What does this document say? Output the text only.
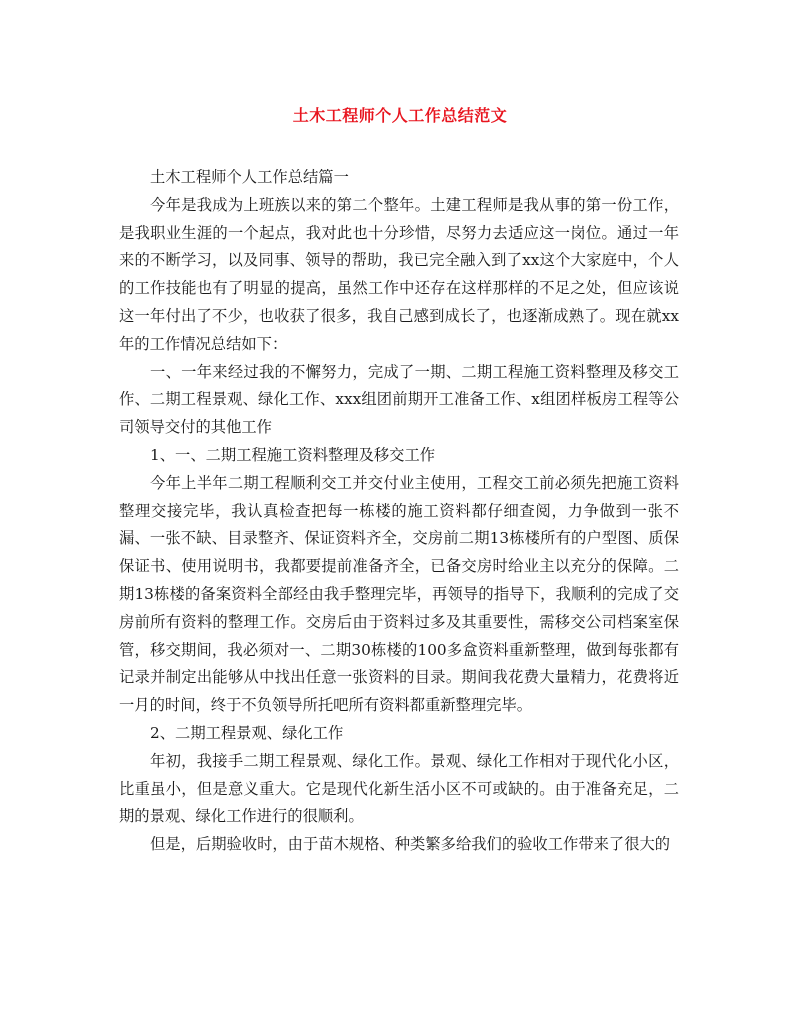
土木工程师个人工作总结范文

土木工程师个人工作总结篇一

今年是我成为上班族以来的第二个整年。土建工程师是我从事的第一份工作，是我职业生涯的一个起点，我对此也十分珍惜，尽努力去适应这一岗位。通过一年来的不断学习，以及同事、领导的帮助，我已完全融入到了xx这个大家庭中，个人的工作技能也有了明显的提高，虽然工作中还存在这样那样的不足之处，但应该说这一年付出了不少，也收获了很多，我自己感到成长了，也逐渐成熟了。现在就xx年的工作情况总结如下：

一、一年来经过我的不懈努力，完成了一期、二期工程施工资料整理及移交工作、二期工程景观、绿化工作、xxx组团前期开工准备工作、x组团样板房工程等公司领导交付的其他工作

1、一、二期工程施工资料整理及移交工作

今年上半年二期工程顺利交工并交付业主使用，工程交工前必须先把施工资料整理交接完毕，我认真检查把每一栋楼的施工资料都仔细查阅，力争做到一张不漏、一张不缺、目录整齐、保证资料齐全，交房前二期13栋楼所有的户型图、质保保证书、使用说明书，我都要提前准备齐全，已备交房时给业主以充分的保障。二期13栋楼的备案资料全部经由我手整理完毕，再领导的指导下，我顺利的完成了交房前所有资料的整理工作。交房后由于资料过多及其重要性，需移交公司档案室保管，移交期间，我必须对一、二期30栋楼的100多盒资料重新整理，做到每张都有记录并制定出能够从中找出任意一张资料的目录。期间我花费大量精力，花费将近一月的时间，终于不负领导所托吧所有资料都重新整理完毕。

2、二期工程景观、绿化工作

年初，我接手二期工程景观、绿化工作。景观、绿化工作相对于现代化小区，比重虽小，但是意义重大。它是现代化新生活小区不可或缺的。由于准备充足，二期的景观、绿化工作进行的很顺利。

但是，后期验收时，由于苗木规格、种类繁多给我们的验收工作带来了很大的
